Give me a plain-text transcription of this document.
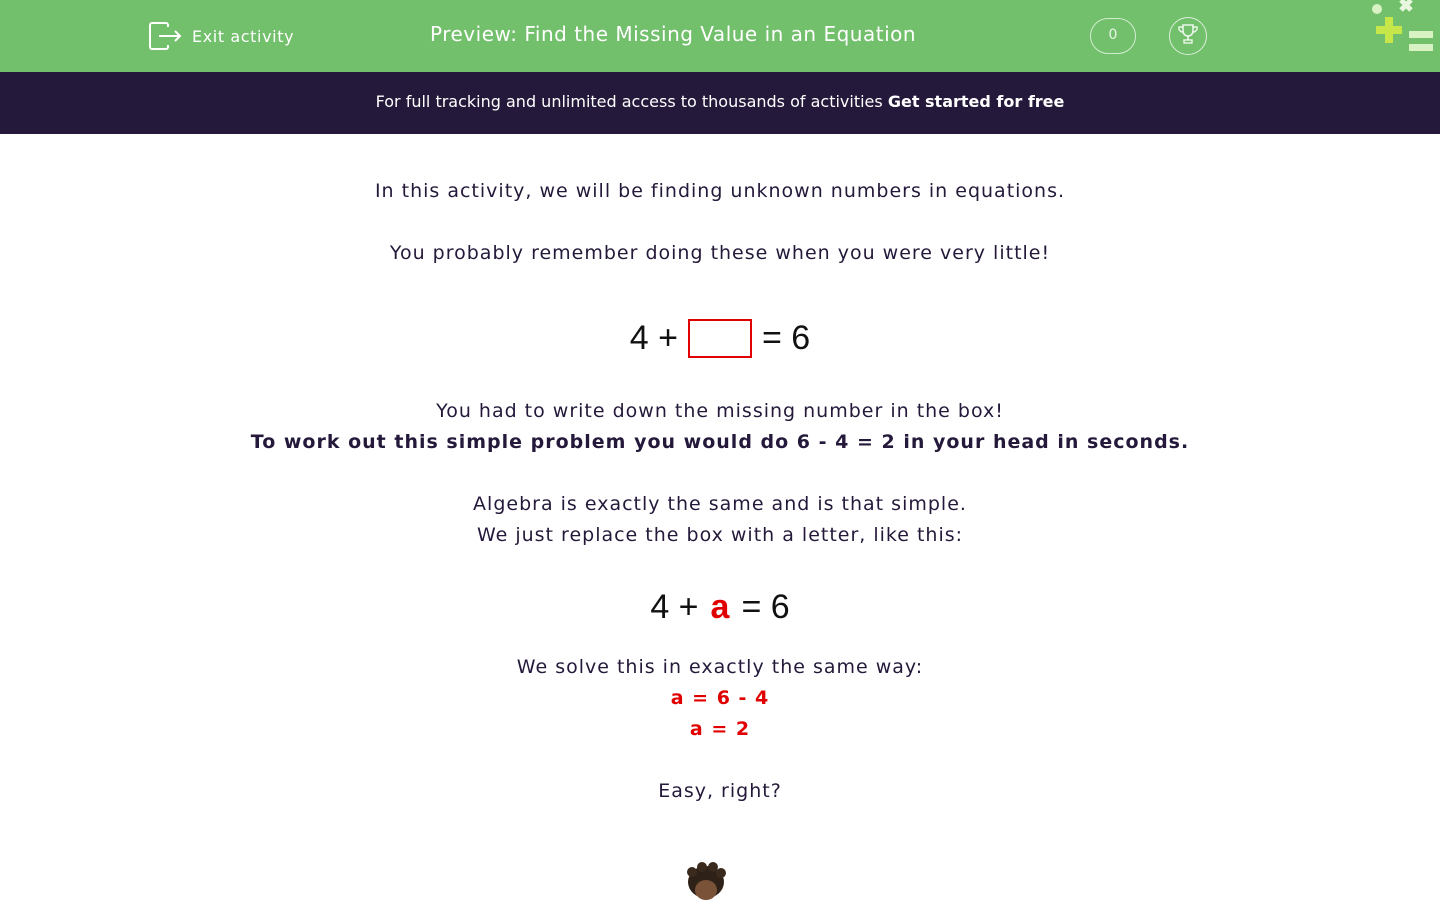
Exit activity	Preview: Find the Missing Value in an Equation	0
For full tracking and unlimited access to thousands of activities Get started for free
In this activity, we will be finding unknown numbers in equations.
You probably remember doing these when you were very little!
4 + = 6
You had to write down the missing number in the box!
To work out this simple problem you would do 6 - 4 = 2 in your head in seconds.
Algebra is exactly the same and is that simple.
We just replace the box with a letter, like this:
4 + a = 6
We solve this in exactly the same way:
a = 6 - 4
a = 2
Easy, right?
